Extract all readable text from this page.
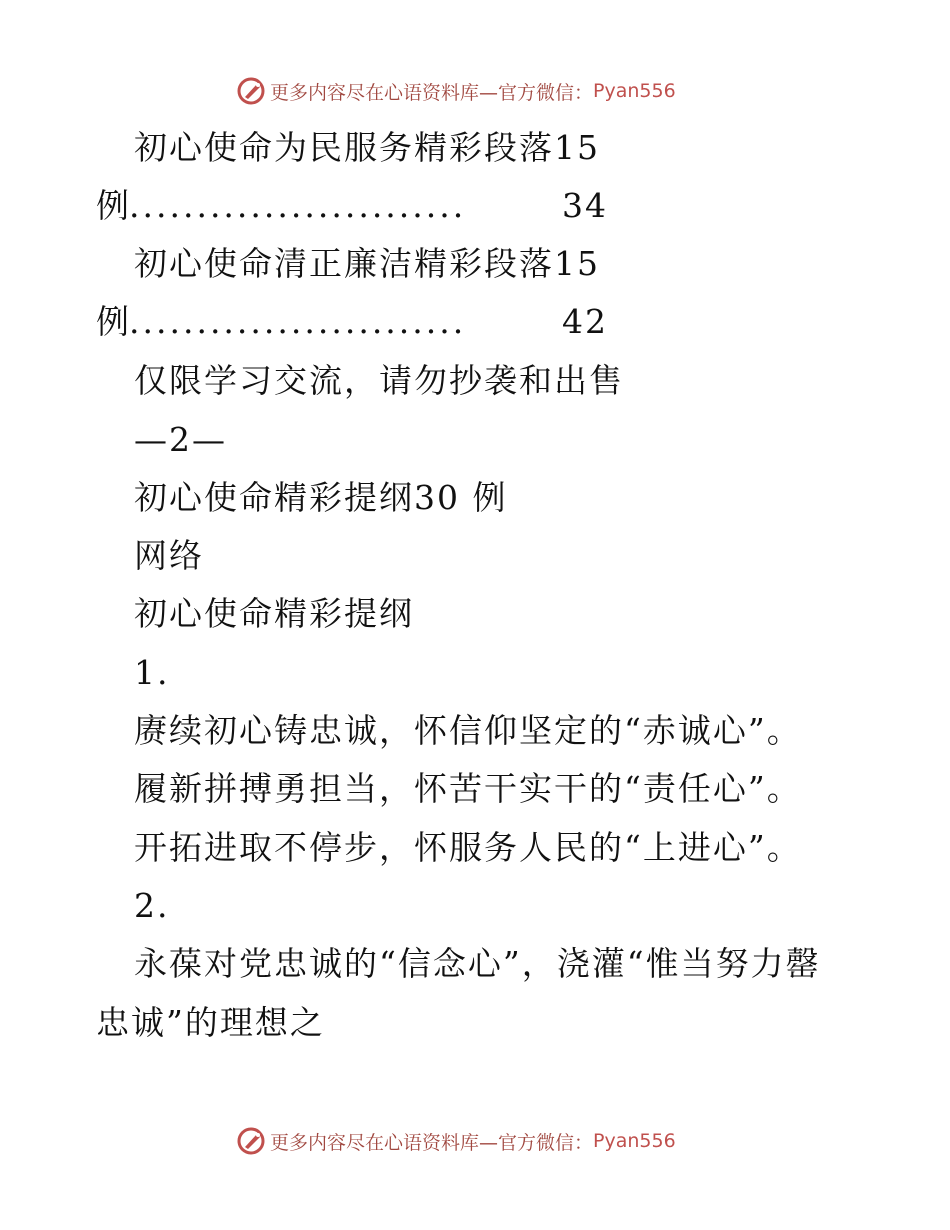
更多内容尽在心语资料库—官方微信： Pyan556
初心使命为民服务精彩段落15
例 .........................	34
初心使命清正廉洁精彩段落15
例 .........................	42
仅限学习交流，请勿抄袭和出售
—2—
初心使命精彩提纲30 例
网络
初心使命精彩提纲
1.
赓续初心铸忠诚，怀信仰坚定的“赤诚心”。
履新拼搏勇担当，怀苦干实干的“责任心”。
开拓进取不停步，怀服务人民的“上进心”。
2.
永葆对党忠诚的“信念心”，浇灌“惟当努力罄
忠诚”的理想之
更多内容尽在心语资料库—官方微信： Pyan556
